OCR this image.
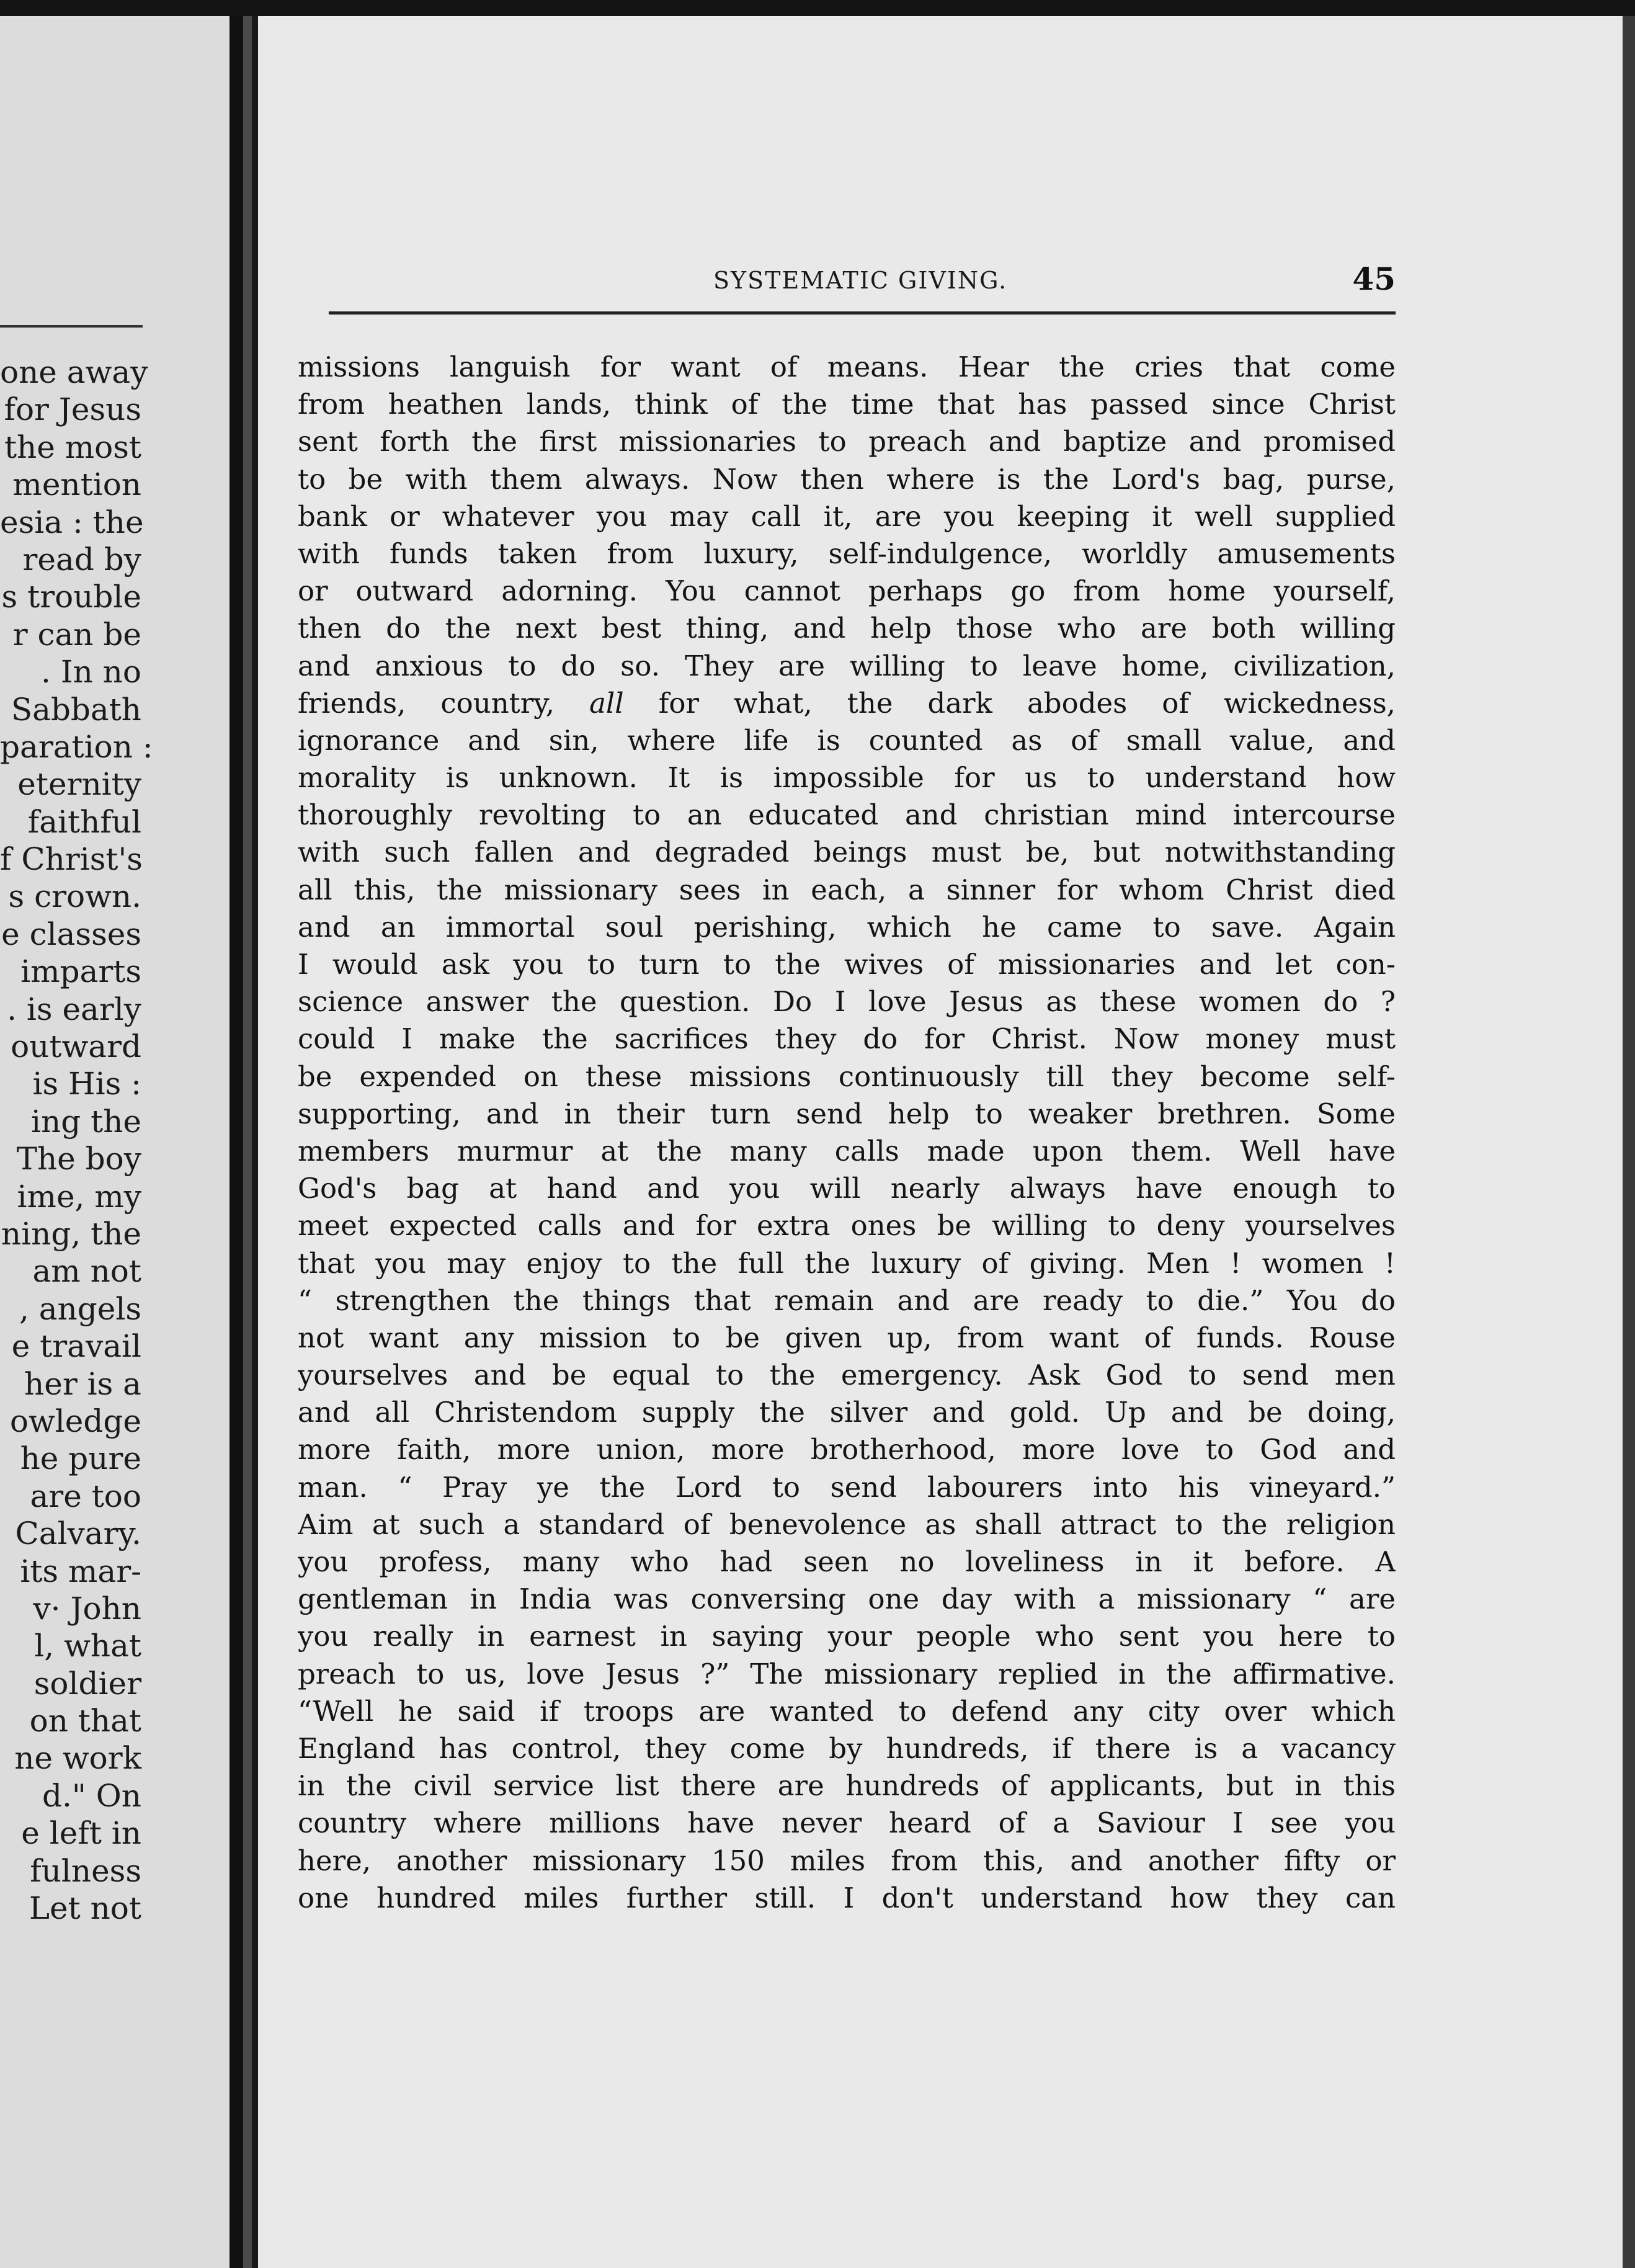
one away
for Jesus
the most
mention
esia : the
read by
s trouble
r can be
. In no
Sabbath
paration :
eternity
faithful
f Christ's
s crown.
e classes
imparts
. is early
outward
is His :
ing the
The boy
ime, my
ning, the
am not
, angels
e travail
her is a
owledge
he pure
are too
Calvary.
its mar-
v· John
l, what
soldier
on that
ne work
d." On
e left in
fulness
Let not
SYSTEMATIC GIVING.	45
missions languish for want of means. Hear the cries that come
from heathen lands, think of the time that has passed since Christ
sent forth the first missionaries to preach and baptize and promised
to be with them always. Now then where is the Lord's bag, purse,
bank or whatever you may call it, are you keeping it well supplied
with funds taken from luxury, self-indulgence, worldly amusements
or outward adorning. You cannot perhaps go from home yourself,
then do the next best thing, and help those who are both willing
and anxious to do so. They are willing to leave home, civilization,
friends, country, all for what, the dark abodes of wickedness,
ignorance and sin, where life is counted as of small value, and
morality is unknown. It is impossible for us to understand how
thoroughly revolting to an educated and christian mind intercourse
with such fallen and degraded beings must be, but notwithstanding
all this, the missionary sees in each, a sinner for whom Christ died
and an immortal soul perishing, which he came to save. Again
I would ask you to turn to the wives of missionaries and let con-
science answer the question. Do I love Jesus as these women do ?
could I make the sacrifices they do for Christ. Now money must
be expended on these missions continuously till they become self-
supporting, and in their turn send help to weaker brethren. Some
members murmur at the many calls made upon them. Well have
God's bag at hand and you will nearly always have enough to
meet expected calls and for extra ones be willing to deny yourselves
that you may enjoy to the full the luxury of giving. Men ! women !
“ strengthen the things that remain and are ready to die.” You do
not want any mission to be given up, from want of funds. Rouse
yourselves and be equal to the emergency. Ask God to send men
and all Christendom supply the silver and gold. Up and be doing,
more faith, more union, more brotherhood, more love to God and
man. “ Pray ye the Lord to send labourers into his vineyard.”
Aim at such a standard of benevolence as shall attract to the religion
you profess, many who had seen no loveliness in it before. A
gentleman in India was conversing one day with a missionary “ are
you really in earnest in saying your people who sent you here to
preach to us, love Jesus ?” The missionary replied in the affirmative.
“Well he said if troops are wanted to defend any city over which
England has control, they come by hundreds, if there is a vacancy
in the civil service list there are hundreds of applicants, but in this
country where millions have never heard of a Saviour I see you
here, another missionary 150 miles from this, and another fifty or
one hundred miles further still. I don't understand how they can
